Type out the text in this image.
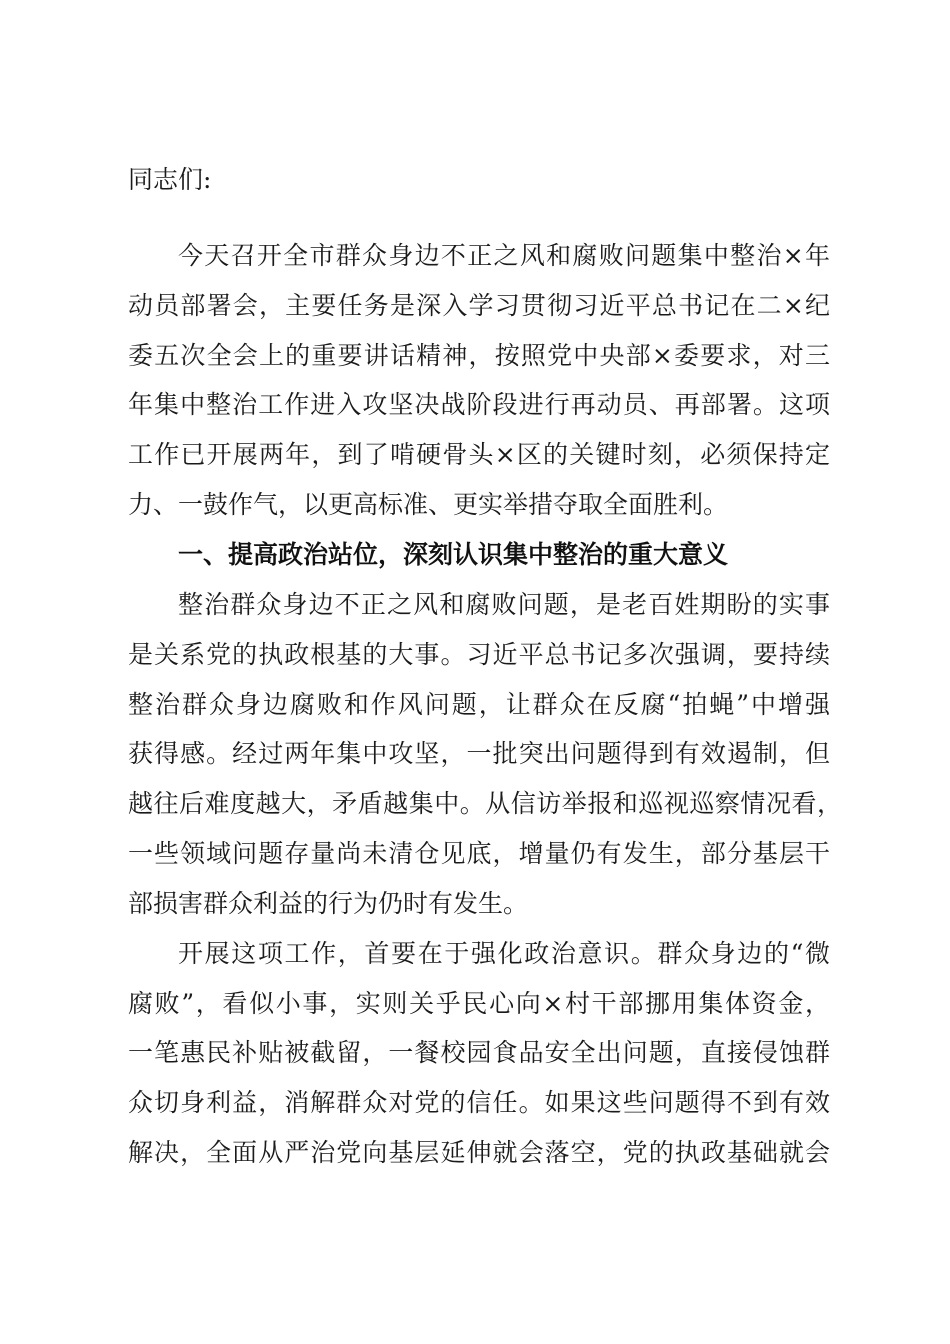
同志们:
今天召开全市群众身边不正之风和腐败问题集中整治×年
动员部署会，主要任务是深入学习贯彻习近平总书记在二×纪
委五次全会上的重要讲话精神，按照党中央部×委要求，对三
年集中整治工作进入攻坚决战阶段进行再动员、再部署。这项
工作已开展两年，到了啃硬骨头×区的关键时刻，必须保持定
力、一鼓作气，以更高标准、更实举措夺取全面胜利。
一、提高政治站位，深刻认识集中整治的重大意义
整治群众身边不正之风和腐败问题，是老百姓期盼的实事
是关系党的执政根基的大事。习近平总书记多次强调，要持续
整治群众身边腐败和作风问题，让群众在反腐“拍蝇”中增强
获得感。经过两年集中攻坚，一批突出问题得到有效遏制，但
越往后难度越大，矛盾越集中。从信访举报和巡视巡察情况看，
一些领域问题存量尚未清仓见底，增量仍有发生，部分基层干
部损害群众利益的行为仍时有发生。
开展这项工作，首要在于强化政治意识。群众身边的“微
腐败”，看似小事，实则关乎民心向×村干部挪用集体资金，
一笔惠民补贴被截留，一餐校园食品安全出问题，直接侵蚀群
众切身利益，消解群众对党的信任。如果这些问题得不到有效
解决，全面从严治党向基层延伸就会落空，党的执政基础就会
